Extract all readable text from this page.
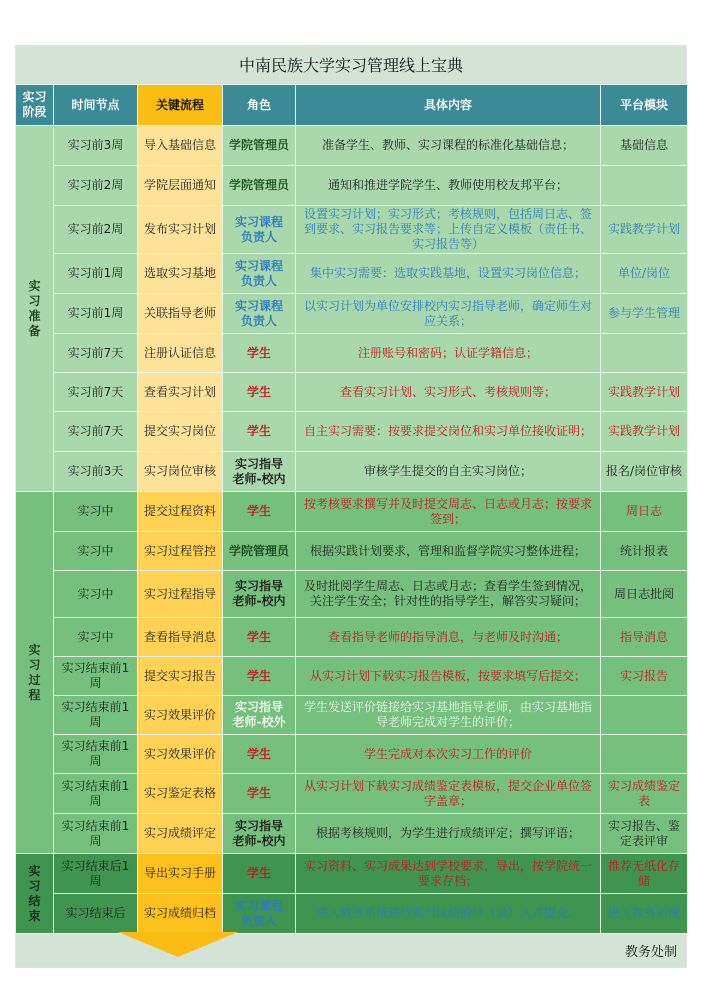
中南民族大学实习管理线上宝典
实习阶段	时间节点	关键流程	角色	具体内容	平台模块
实
习
准
备	实习前3周	导入基础信息	学院管理员	准备学生、教师、实习课程的标准化基础信息；	基础信息
	实习前2周	学院层面通知	学院管理员	通知和推进学院学生、教师使用校友邦平台；	
	实习前2周	发布实习计划	实习课程
负责人	设置实习计划；实习形式；考核规则，包括周日志、签到要求、实习报告要求等；上传自定义模板（责任书、实习报告等）	实践教学计划
	实习前1周	选取实习基地	实习课程
负责人	集中实习需要：选取实践基地，设置实习岗位信息；	单位/岗位
	实习前1周	关联指导老师	实习课程
负责人	以实习计划为单位安排校内实习指导老师，确定师生对应关系；	参与学生管理
	实习前7天	注册认证信息	学生	注册账号和密码；认证学籍信息；	
	实习前7天	查看实习计划	学生	查看实习计划、实习形式、考核规则等；	实践教学计划
	实习前7天	提交实习岗位	学生	自主实习需要：按要求提交岗位和实习单位接收证明；	实践教学计划
	实习前3天	实习岗位审核	实习指导
老师-校内	审核学生提交的自主实习岗位；	报名/岗位审核
实
习
过
程	实习中	提交过程资料	学生	按考核要求撰写并及时提交周志、日志或月志；按要求签到；	周日志
	实习中	实习过程管控	学院管理员	根据实践计划要求，管理和监督学院实习整体进程；	统计报表
	实习中	实习过程指导	实习指导
老师-校内	及时批阅学生周志、日志或月志；查看学生签到情况，关注学生安全；针对性的指导学生，解答实习疑问；	周日志批阅
	实习中	查看指导消息	学生	查看指导老师的指导消息，与老师及时沟通；	指导消息
	实习结束前1
周	提交实习报告	学生	从实习计划下载实习报告模板，按要求填写后提交；	实习报告
	实习结束前1
周	实习效果评价	实习指导
老师-校外	学生发送评价链接给实习基地指导老师，由实习基地指导老师完成对学生的评价；	
	实习结束前1
周	实习效果评价	学生	学生完成对本次实习工作的评价	
	实习结束前1
周	实习鉴定表格	学生	从实习计划下载实习成绩鉴定表模板，提交企业单位签字盖章；	实习成绩鉴定
表
	实习结束前1
周	实习成绩评定	实习指导
老师-校内	根据考核规则，为学生进行成绩评定；撰写评语；	实习报告、鉴
定表评审
实
习
结
束	实习结束后1
周	导出实习手册	学生	实习资料、实习成果达到学校要求，导出，按学院统一要求存档；	推荐无纸化存
储
	实习结束后	实习成绩归档	实习课程
负责人	进入教务系统进行实习成绩的导（录）入并提交。	进入教务系统
教务处制
